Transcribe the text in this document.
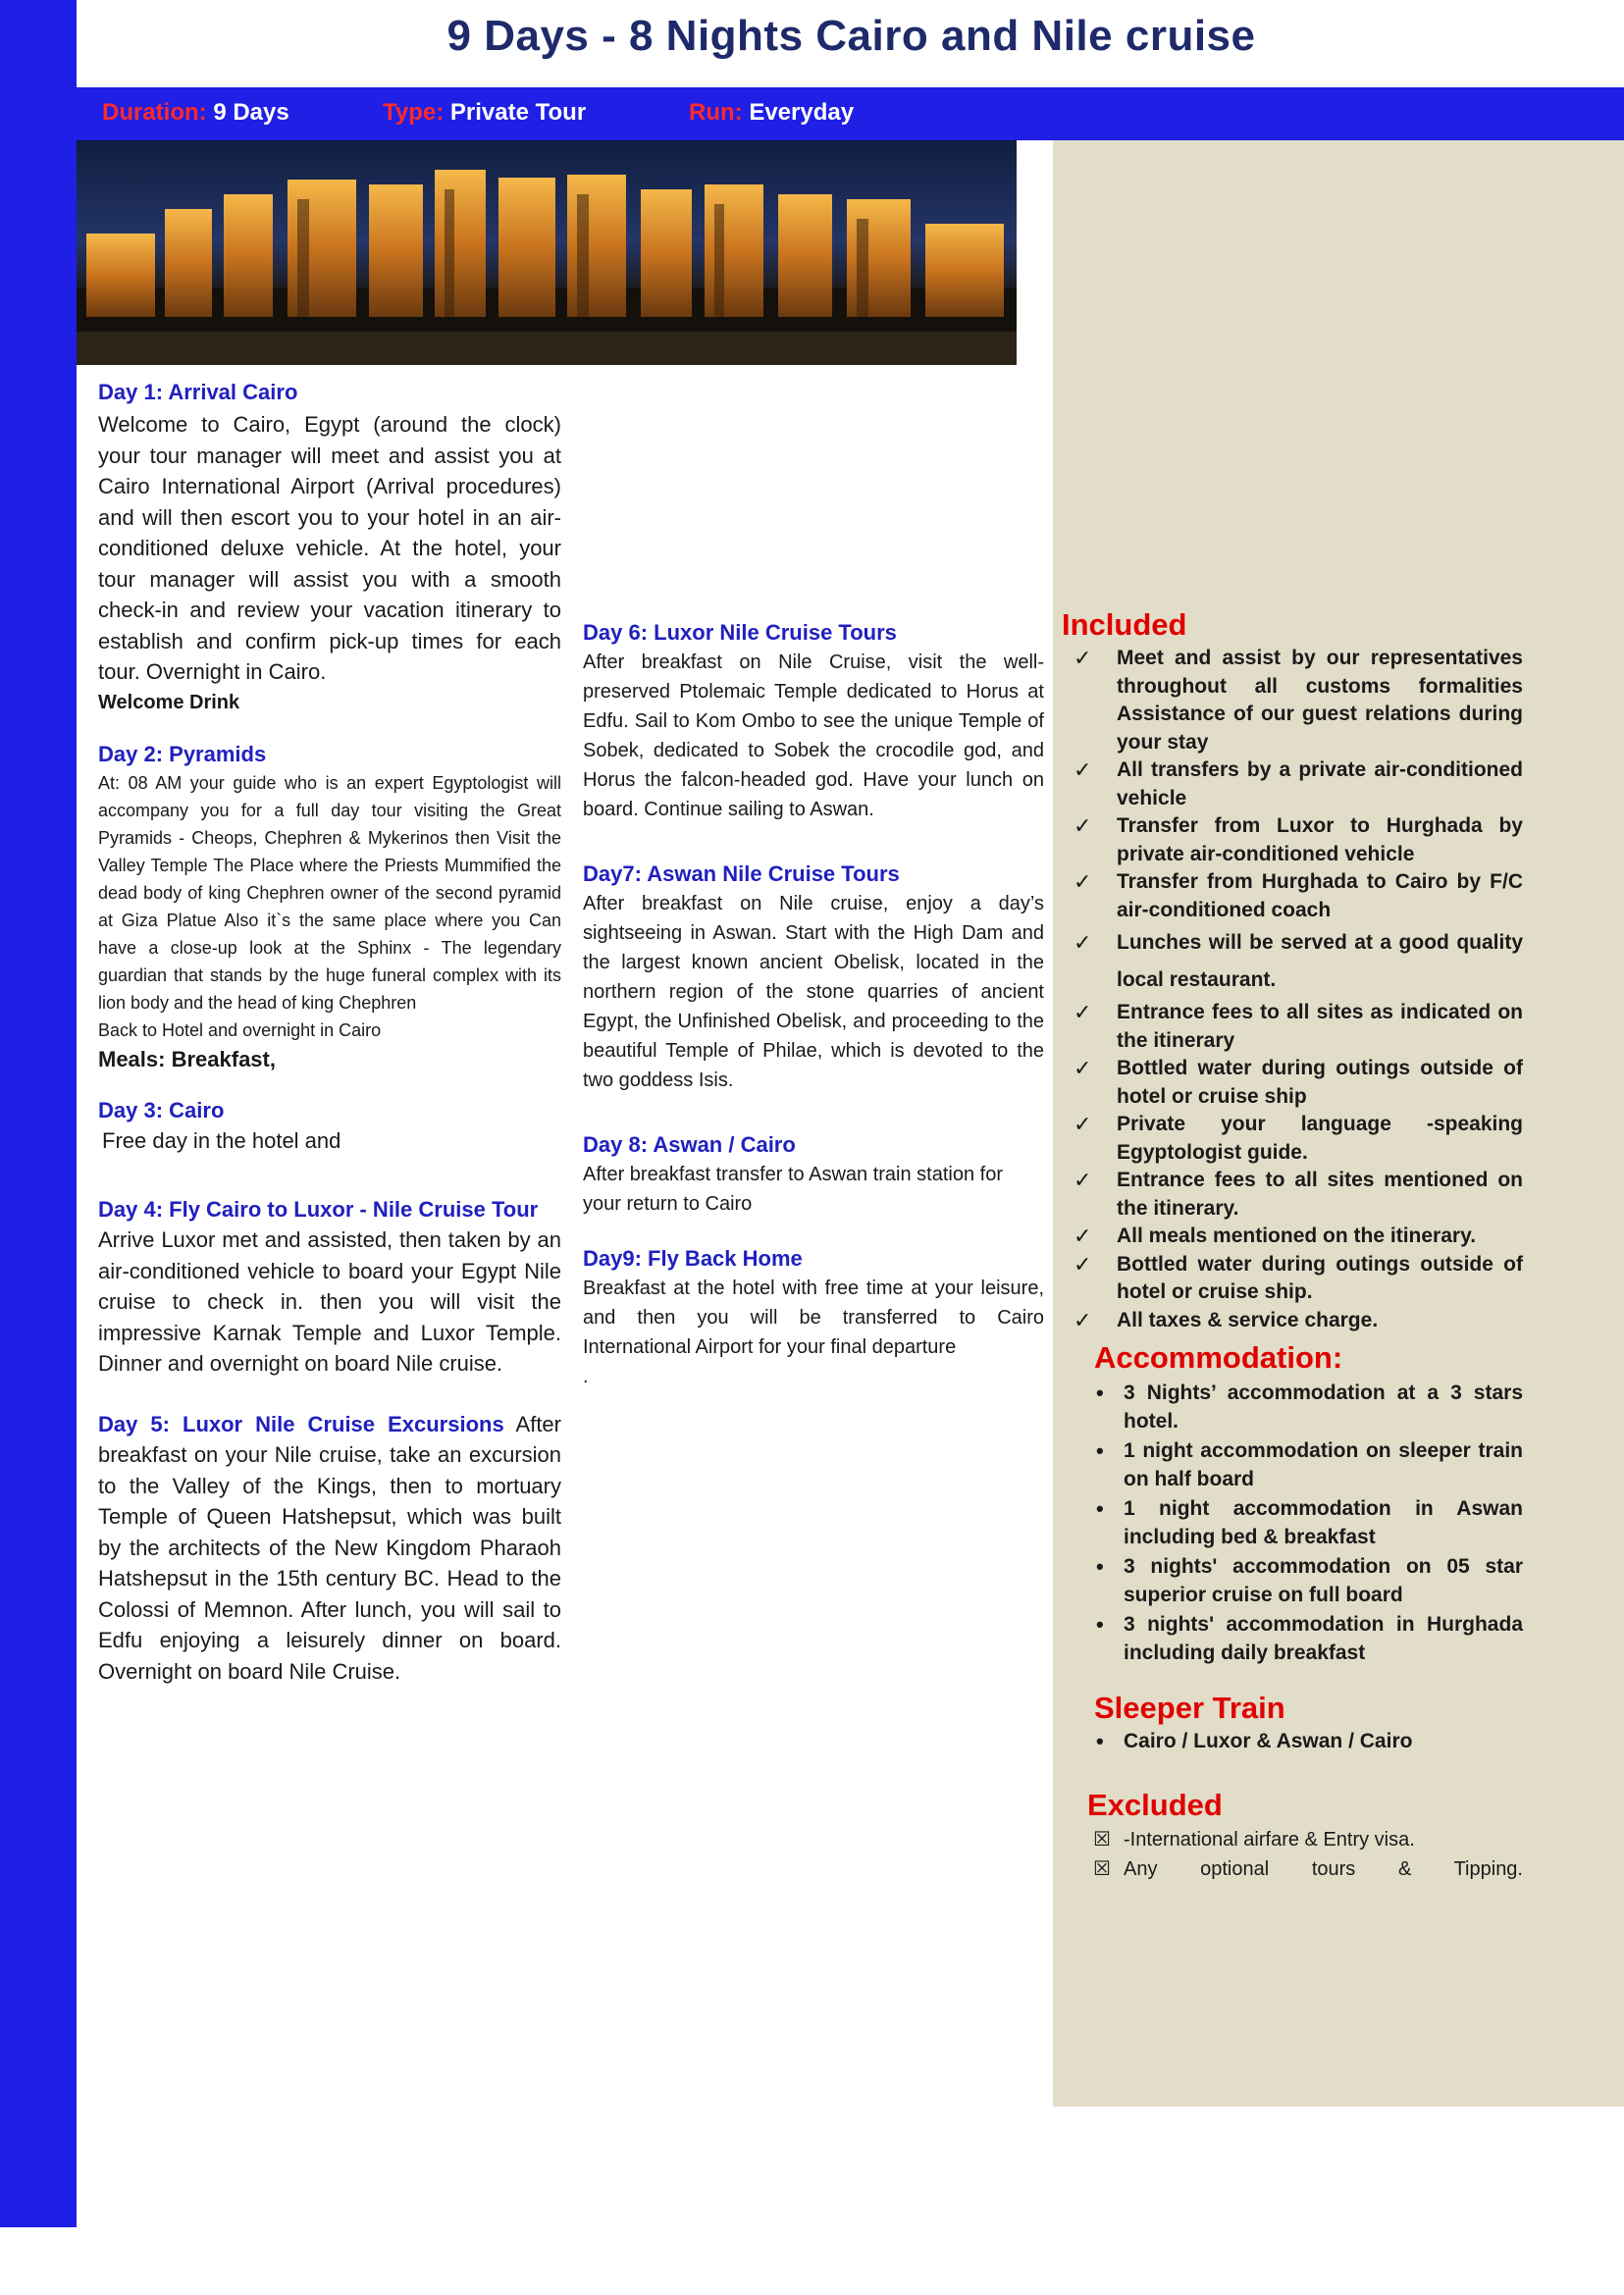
9 Days - 8 Nights Cairo and Nile cruise
Duration: 9 Days	Type: Private Tour	Run: Everyday

Day 1: Arrival Cairo

Welcome to Cairo, Egypt (around the clock) your tour manager will meet and assist you at Cairo International Airport (Arrival procedures) and will then escort you to your hotel in an air-conditioned deluxe vehicle. At the hotel, your tour manager will assist you with a smooth check-in and review your vacation itinerary to establish and confirm pick-up times for each tour. Overnight in Cairo.

Welcome Drink

Day 2: Pyramids

At: 08 AM your guide who is an expert Egyptologist will accompany you for a full day tour visiting the Great Pyramids - Cheops, Chephren & Mykerinos then Visit the Valley Temple The Place where the Priests Mummified the dead body of king Chephren owner of the second pyramid at Giza Platue Also it`s the same place where you Can have a close-up look at the Sphinx - The legendary guardian that stands by the huge funeral complex with its lion body and the head of king Chephren

Back to Hotel and overnight in Cairo

Meals: Breakfast,

Day 3: Cairo

Free day in the hotel and

Day 4: Fly Cairo to Luxor - Nile Cruise Tour

Arrive Luxor met and assisted, then taken by an air-conditioned vehicle to board your Egypt Nile cruise to check in. then you will visit the impressive Karnak Temple and Luxor Temple. Dinner and overnight on board Nile cruise.

Day 5: Luxor Nile Cruise Excursions After breakfast on your Nile cruise, take an excursion to the Valley of the Kings, then to mortuary Temple of Queen Hatshepsut, which was built by the architects of the New Kingdom Pharaoh Hatshepsut in the 15th century BC. Head to the Colossi of Memnon. After lunch, you will sail to Edfu enjoying a leisurely dinner on board. Overnight on board Nile Cruise.

Day 6: Luxor Nile Cruise Tours

After breakfast on Nile Cruise, visit the well-preserved Ptolemaic Temple dedicated to Horus at Edfu. Sail to Kom Ombo to see the unique Temple of Sobek, dedicated to Sobek the crocodile god, and Horus the falcon-headed god. Have your lunch on board. Continue sailing to Aswan.

Day7: Aswan Nile Cruise Tours

After breakfast on Nile cruise, enjoy a day’s sightseeing in Aswan. Start with the High Dam and the largest known ancient Obelisk, located in the northern region of the stone quarries of ancient Egypt, the Unfinished Obelisk, and proceeding to the beautiful Temple of Philae, which is devoted to the two goddess Isis.

Day 8: Aswan / Cairo

After breakfast transfer to Aswan train station for your return to Cairo

Day9: Fly Back Home

Breakfast at the hotel with free time at your leisure, and then you will be transferred to Cairo International Airport for your final departure

.

Included

✓ Meet and assist by our representatives throughout all customs formalities Assistance of our guest relations during your stay
✓ All transfers by a private air-conditioned vehicle
✓ Transfer from Luxor to Hurghada by private air-conditioned vehicle
✓ Transfer from Hurghada to Cairo by F/C air-conditioned coach
✓ Lunches will be served at a good quality local restaurant.
✓ Entrance fees to all sites as indicated on the itinerary
✓ Bottled water during outings outside of hotel or cruise ship
✓ Private your language -speaking Egyptologist guide.
✓ Entrance fees to all sites mentioned on the itinerary.
✓ All meals mentioned on the itinerary.
✓ Bottled water during outings outside of hotel or cruise ship.
✓ All taxes & service charge.

Accommodation:

• 3 Nights’ accommodation at a 3 stars hotel.
• 1 night accommodation on sleeper train on half board
• 1 night accommodation in Aswan including bed & breakfast
• 3 nights' accommodation on 05 star superior cruise on full board
• 3 nights' accommodation in Hurghada including daily breakfast

Sleeper Train

• Cairo / Luxor & Aswan / Cairo

Excluded

☒ -International airfare & Entry visa.
☒ Any optional tours & Tipping.
